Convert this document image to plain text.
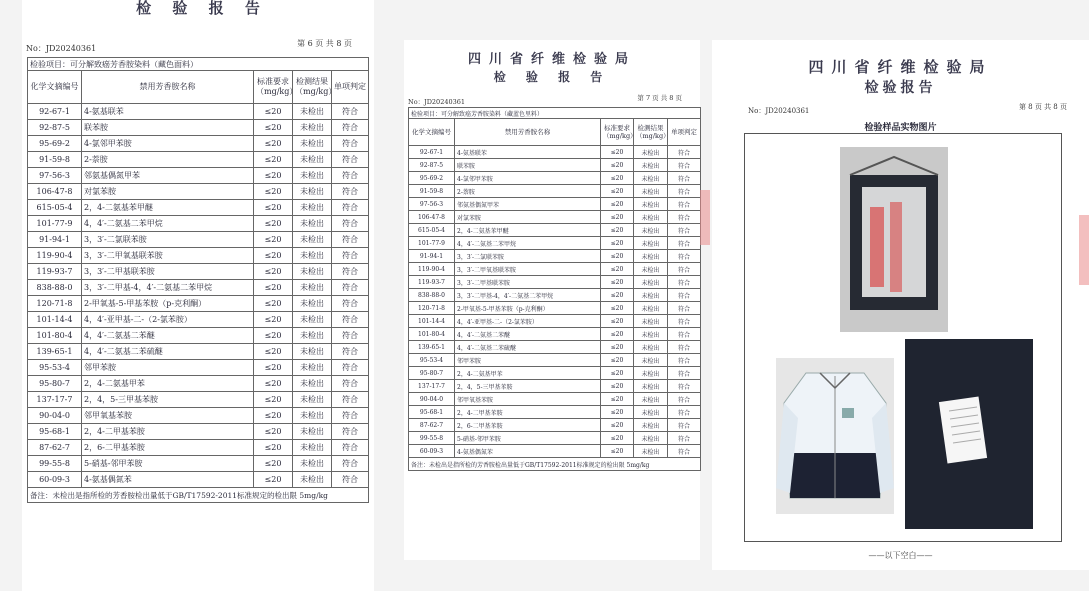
检 验 报 告
No：JD20240361
第 6 页 共 8 页
检验项目：可分解致癌芳香胺染料（藏色面料）				
化学文摘编号	禁用芳香胺名称	标准要求（mg/kg）	检测结果（mg/kg）	单项判定
92-67-1	4-氨基联苯	≤20	未检出	符合
92-87-5	联苯胺	≤20	未检出	符合
95-69-2	4-氯邻甲苯胺	≤20	未检出	符合
91-59-8	2-萘胺	≤20	未检出	符合
97-56-3	邻氨基偶氮甲苯	≤20	未检出	符合
106-47-8	对氯苯胺	≤20	未检出	符合
615-05-4	2，4-二氨基苯甲醚	≤20	未检出	符合
101-77-9	4，4′-二氨基二苯甲烷	≤20	未检出	符合
91-94-1	3，3′-二氯联苯胺	≤20	未检出	符合
119-90-4	3，3′-二甲氧基联苯胺	≤20	未检出	符合
119-93-7	3，3′-二甲基联苯胺	≤20	未检出	符合
838-88-0	3，3′-二甲基-4，4′-二氨基二苯甲烷	≤20	未检出	符合
120-71-8	2-甲氧基-5-甲基苯胺（p-克利酮）	≤20	未检出	符合
101-14-4	4，4′-亚甲基-二-（2-氯苯胺）	≤20	未检出	符合
101-80-4	4，4′-二氨基二苯醚	≤20	未检出	符合
139-65-1	4，4′-二氨基二苯硫醚	≤20	未检出	符合
95-53-4	邻甲苯胺	≤20	未检出	符合
95-80-7	2，4-二氨基甲苯	≤20	未检出	符合
137-17-7	2，4，5-三甲基苯胺	≤20	未检出	符合
90-04-0	邻甲氧基苯胺	≤20	未检出	符合
95-68-1	2，4-二甲基苯胺	≤20	未检出	符合
87-62-7	2，6-二甲基苯胺	≤20	未检出	符合
99-55-8	5-硝基-邻甲苯胺	≤20	未检出	符合
60-09-3	4-氨基偶氮苯	≤20	未检出	符合
备注：未检出是指所检的芳香胺检出量低于GB/T17592-2011标准规定的检出限 5mg/kg				
四川省纤维检验局
检 验 报 告
No：JD20240361	第 7 页 共 8 页
检验项目：可分解致癌芳香胺染料（藏蓝色里料）				
化学文摘编号	禁用芳香胺名称	标准要求（mg/kg）	检测结果（mg/kg）	单项判定
92-67-1	4-氨基联苯	≤20	未检出	符合
92-87-5	联苯胺	≤20	未检出	符合
95-69-2	4-氯邻甲苯胺	≤20	未检出	符合
91-59-8	2-萘胺	≤20	未检出	符合
97-56-3	邻氨基偶氮甲苯	≤20	未检出	符合
106-47-8	对氯苯胺	≤20	未检出	符合
615-05-4	2，4-二氨基苯甲醚	≤20	未检出	符合
101-77-9	4，4′-二氨基二苯甲烷	≤20	未检出	符合
91-94-1	3，3′-二氯联苯胺	≤20	未检出	符合
119-90-4	3，3′-二甲氧基联苯胺	≤20	未检出	符合
119-93-7	3，3′-二甲基联苯胺	≤20	未检出	符合
838-88-0	3，3′-二甲基-4，4′-二氨基二苯甲烷	≤20	未检出	符合
120-71-8	2-甲氧基-5-甲基苯胺（p-克利酮）	≤20	未检出	符合
101-14-4	4，4′-亚甲基-二-（2-氯苯胺）	≤20	未检出	符合
101-80-4	4，4′-二氨基二苯醚	≤20	未检出	符合
139-65-1	4，4′-二氨基二苯硫醚	≤20	未检出	符合
95-53-4	邻甲苯胺	≤20	未检出	符合
95-80-7	2，4-二氨基甲苯	≤20	未检出	符合
137-17-7	2，4，5-三甲基苯胺	≤20	未检出	符合
90-04-0	邻甲氧基苯胺	≤20	未检出	符合
95-68-1	2，4-二甲基苯胺	≤20	未检出	符合
87-62-7	2，6-二甲基苯胺	≤20	未检出	符合
99-55-8	5-硝基-邻甲苯胺	≤20	未检出	符合
60-09-3	4-氨基偶氮苯	≤20	未检出	符合
备注：未检出是指所检的芳香胺检出量低于GB/T17592-2011标准规定的检出限 5mg/kg				
四川省纤维检验局
检验报告
No：JD20240361	第 8 页 共 8 页
检验样品实物图片
——以下空白——
